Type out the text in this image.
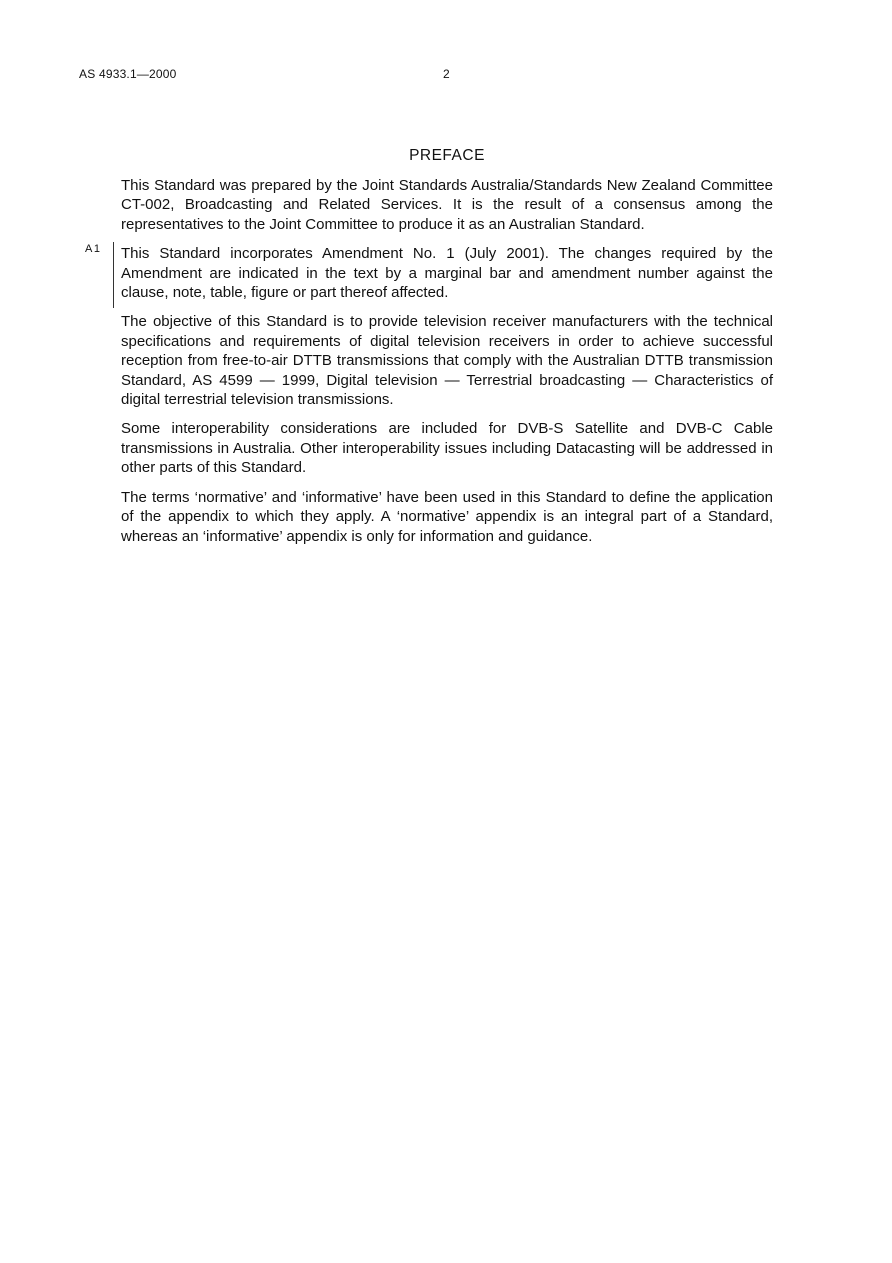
AS 4933.1—2000	2
PREFACE

This Standard was prepared by the Joint Standards Australia/Standards New Zealand Committee CT-002, Broadcasting and Related Services. It is the result of a consensus among the representatives to the Joint Committee to produce it as an Australian Standard.

A1 This Standard incorporates Amendment No. 1 (July 2001). The changes required by the Amendment are indicated in the text by a marginal bar and amendment number against the clause, note, table, figure or part thereof affected.

The objective of this Standard is to provide television receiver manufacturers with the technical specifications and requirements of digital television receivers in order to achieve successful reception from free-to-air DTTB transmissions that comply with the Australian DTTB transmission Standard, AS 4599 — 1999, Digital television — Terrestrial broadcasting — Characteristics of digital terrestrial television transmissions.

Some interoperability considerations are included for DVB-S Satellite and DVB-C Cable transmissions in Australia. Other interoperability issues including Datacasting will be addressed in other parts of this Standard.

The terms ‘normative’ and ‘informative’ have been used in this Standard to define the application of the appendix to which they apply. A ‘normative’ appendix is an integral part of a Standard, whereas an ‘informative’ appendix is only for information and guidance.
